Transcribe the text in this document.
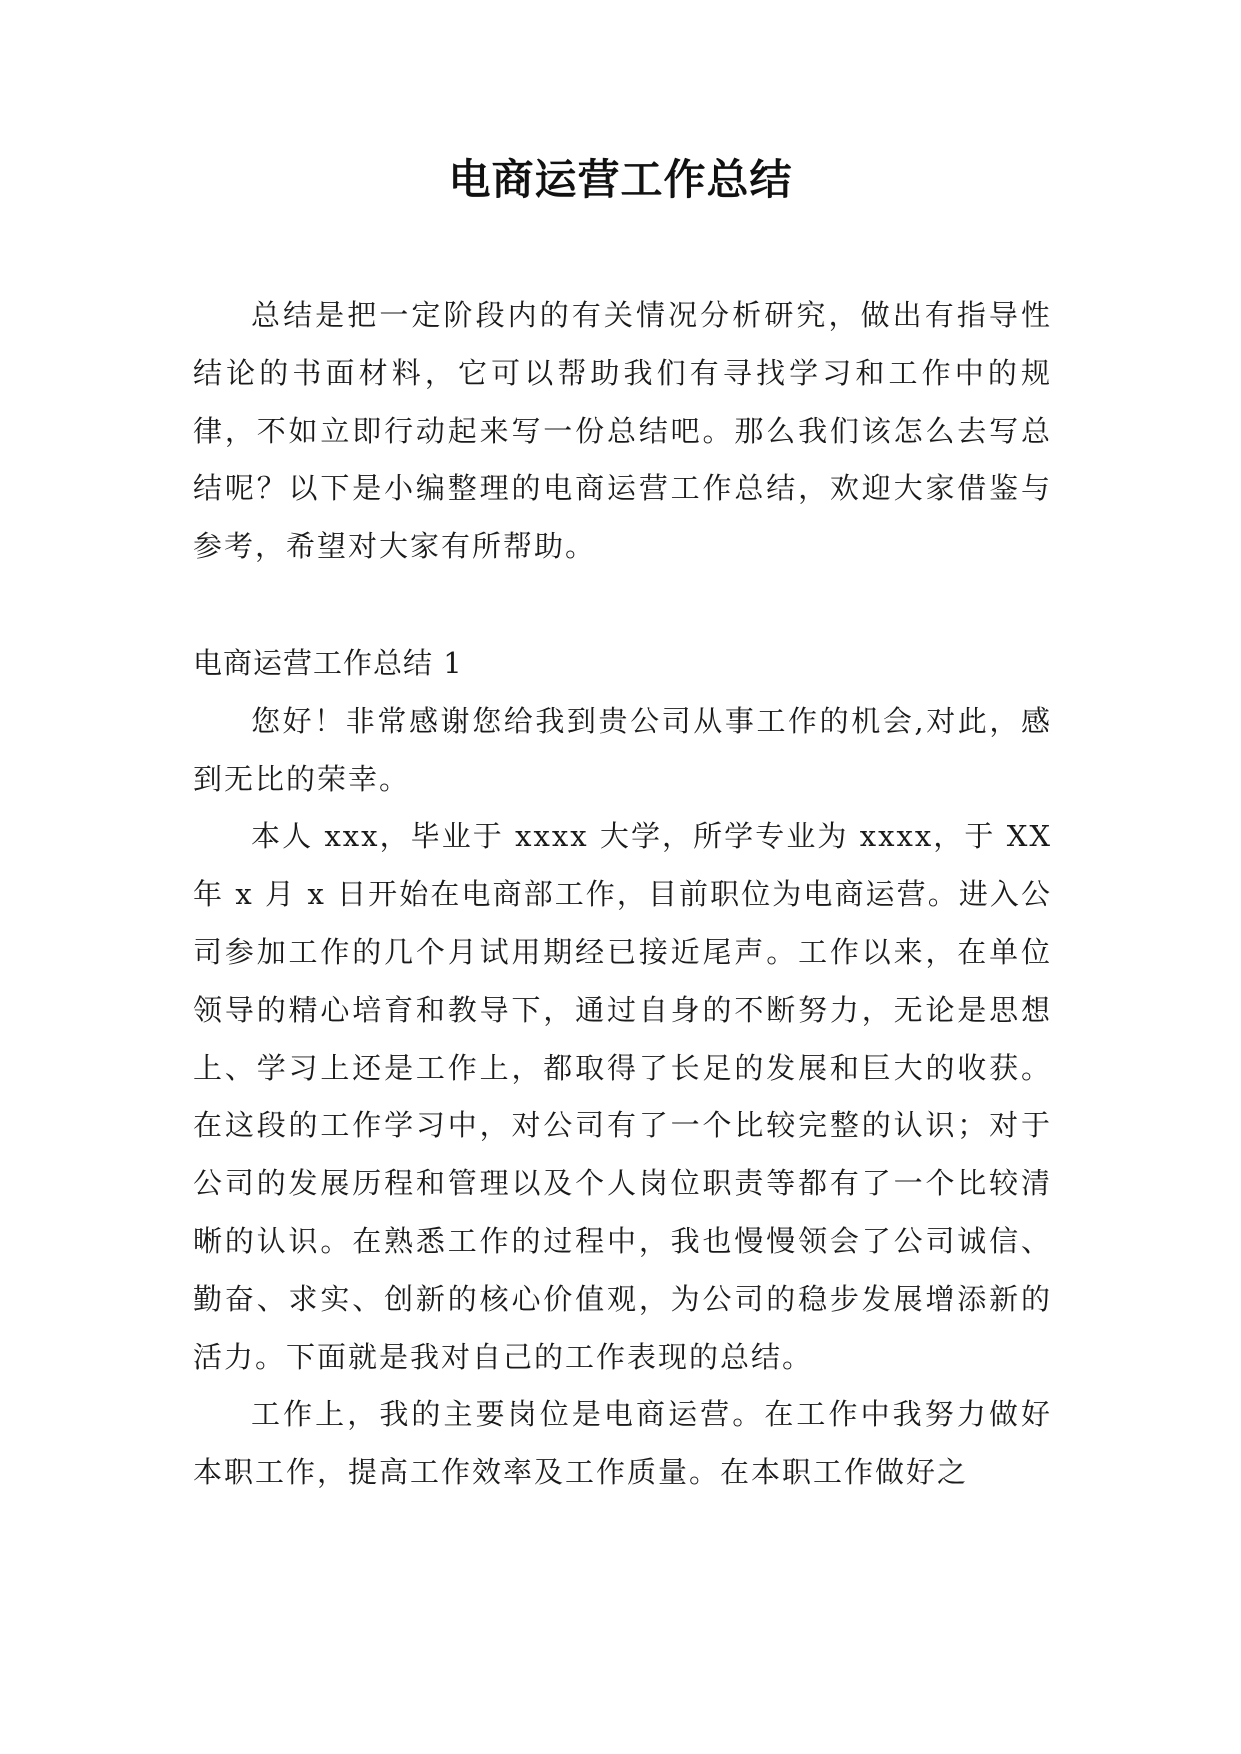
电商运营工作总结

总结是把一定阶段内的有关情况分析研究，做出有指导性结论的书面材料，它可以帮助我们有寻找学习和工作中的规律，不如立即行动起来写一份总结吧。那么我们该怎么去写总结呢？以下是小编整理的电商运营工作总结，欢迎大家借鉴与参考，希望对大家有所帮助。

电商运营工作总结 1

您好！非常感谢您给我到贵公司从事工作的机会,对此，感到无比的荣幸。

本人 xxx，毕业于 xxxx 大学，所学专业为 xxxx，于 XX 年 x 月 x 日开始在电商部工作，目前职位为电商运营。进入公司参加工作的几个月试用期经已接近尾声。工作以来，在单位领导的精心培育和教导下，通过自身的不断努力，无论是思想上、学习上还是工作上，都取得了长足的发展和巨大的收获。在这段的工作学习中，对公司有了一个比较完整的认识；对于公司的发展历程和管理以及个人岗位职责等都有了一个比较清晰的认识。在熟悉工作的过程中，我也慢慢领会了公司诚信、勤奋、求实、创新的核心价值观，为公司的稳步发展增添新的活力。下面就是我对自己的工作表现的总结。

工作上，我的主要岗位是电商运营。在工作中我努力做好本职工作，提高工作效率及工作质量。在本职工作做好之
